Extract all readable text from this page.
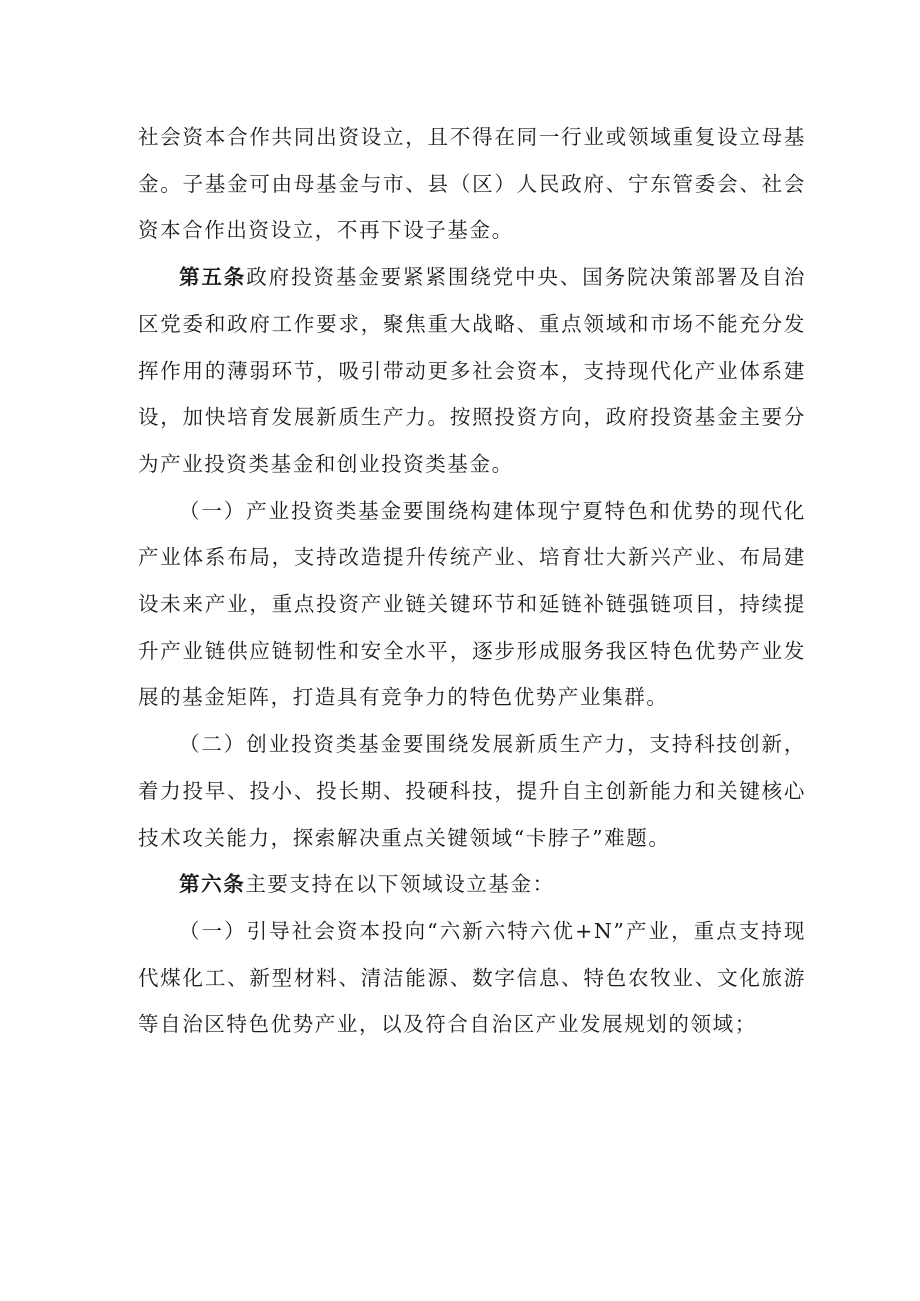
社会资本合作共同出资设立，且不得在同一行业或领域重复设立母基金。子基金可由母基金与市、县（区）人民政府、宁东管委会、社会资本合作出资设立，不再下设子基金。

第五条政府投资基金要紧紧围绕党中央、国务院决策部署及自治区党委和政府工作要求，聚焦重大战略、重点领域和市场不能充分发挥作用的薄弱环节，吸引带动更多社会资本，支持现代化产业体系建设，加快培育发展新质生产力。按照投资方向，政府投资基金主要分为产业投资类基金和创业投资类基金。

（一）产业投资类基金要围绕构建体现宁夏特色和优势的现代化产业体系布局，支持改造提升传统产业、培育壮大新兴产业、布局建设未来产业，重点投资产业链关键环节和延链补链强链项目，持续提升产业链供应链韧性和安全水平，逐步形成服务我区特色优势产业发展的基金矩阵，打造具有竞争力的特色优势产业集群。

（二）创业投资类基金要围绕发展新质生产力，支持科技创新，着力投早、投小、投长期、投硬科技，提升自主创新能力和关键核心技术攻关能力，探索解决重点关键领域“卡脖子”难题。

第六条主要支持在以下领域设立基金：

（一）引导社会资本投向“六新六特六优+N”产业，重点支持现代煤化工、新型材料、清洁能源、数字信息、特色农牧业、文化旅游等自治区特色优势产业，以及符合自治区产业发展规划的领域；
